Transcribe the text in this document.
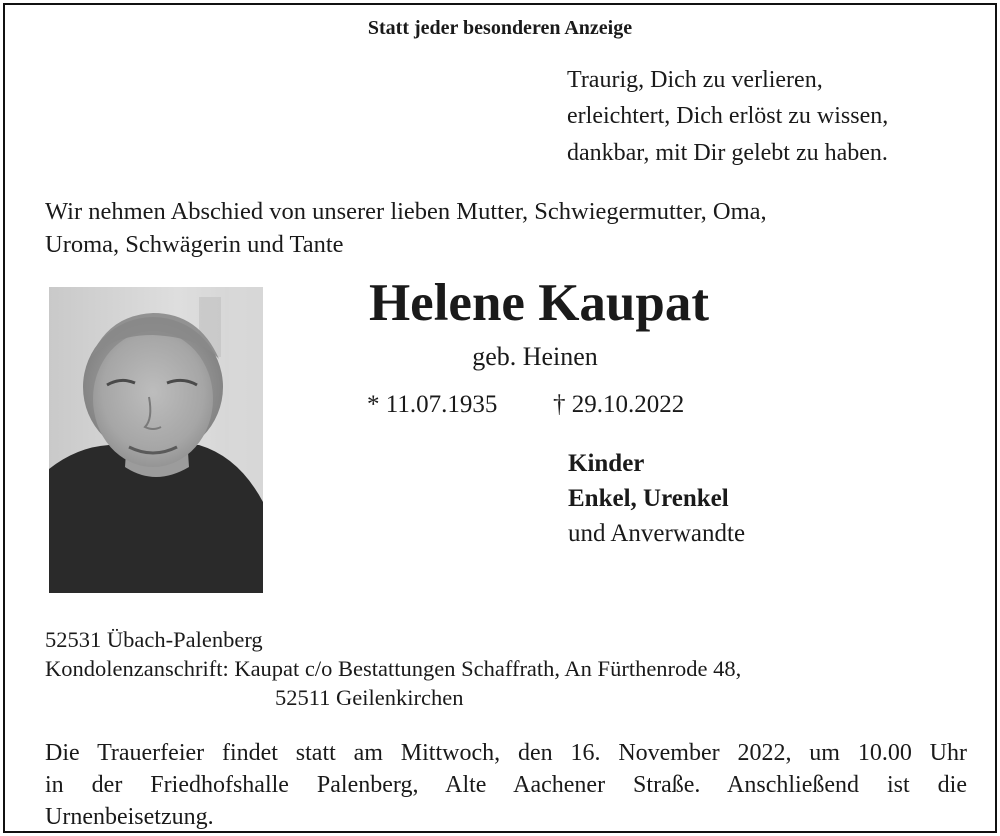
Statt jeder besonderen Anzeige
Traurig, Dich zu verlieren,
erleichtert, Dich erlöst zu wissen,
dankbar, mit Dir gelebt zu haben.
Wir nehmen Abschied von unserer lieben Mutter, Schwiegermutter, Oma,
Uroma, Schwägerin und Tante
Helene Kaupat
geb. Heinen
* 11.07.1935 † 29.10.2022
Kinder
Enkel, Urenkel
und Anverwandte
52531 Übach-Palenberg
Kondolenzanschrift: Kaupat c/o Bestattungen Schaffrath, An Fürthenrode 48,
52511 Geilenkirchen
Die Trauerfeier findet statt am Mittwoch, den 16. November 2022, um 10.00 Uhr
in der Friedhofshalle Palenberg, Alte Aachener Straße. Anschließend ist die
Urnenbeisetzung.
